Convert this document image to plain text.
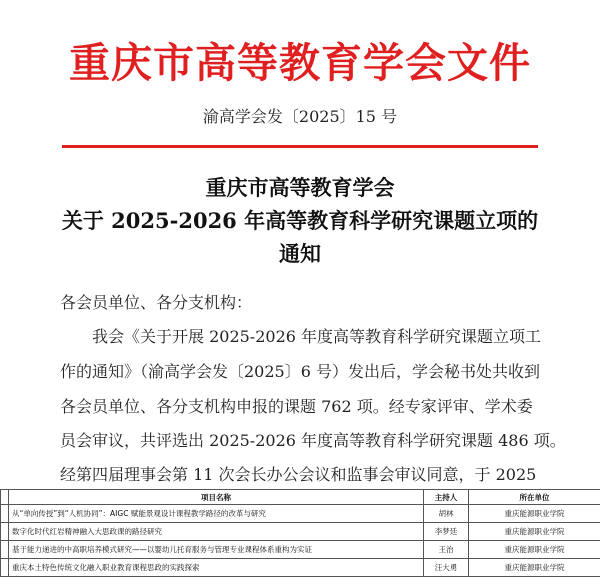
重庆市高等教育学会文件
渝高学会发〔2025〕15 号
重庆市高等教育学会
关于 2025-2026 年高等教育科学研究课题立项的
通知
各会员单位、各分支机构：
我会《关于开展 2025-2026 年度高等教育科学研究课题立项工
作的通知》（渝高学会发〔2025〕6 号）发出后，学会秘书处共收到
各会员单位、各分支机构申报的课题 762 项。经专家评审、学术委
员会审议，共评选出 2025-2026 年度高等教育科学研究课题 486 项。
经第四届理事会第 11 次会长办公会议和监事会审议同意，于 2025
	项目名称	主持人	所在单位
	从“单向传授”到“人机协同”：AIGC 赋能景观设计课程教学路径的改革与研究	胡林	重庆能源职业学院
	数字化时代红岩精神融入大思政课的路径研究	李梦廷	重庆能源职业学院
	基于能力递进的中高职培养模式研究——以婴幼儿托育服务与管理专业课程体系重构为实证	王治	重庆能源职业学院
	重庆本土特色传统文化融入职业教育课程思政的实践探索	汪大勇	重庆能源职业学院
